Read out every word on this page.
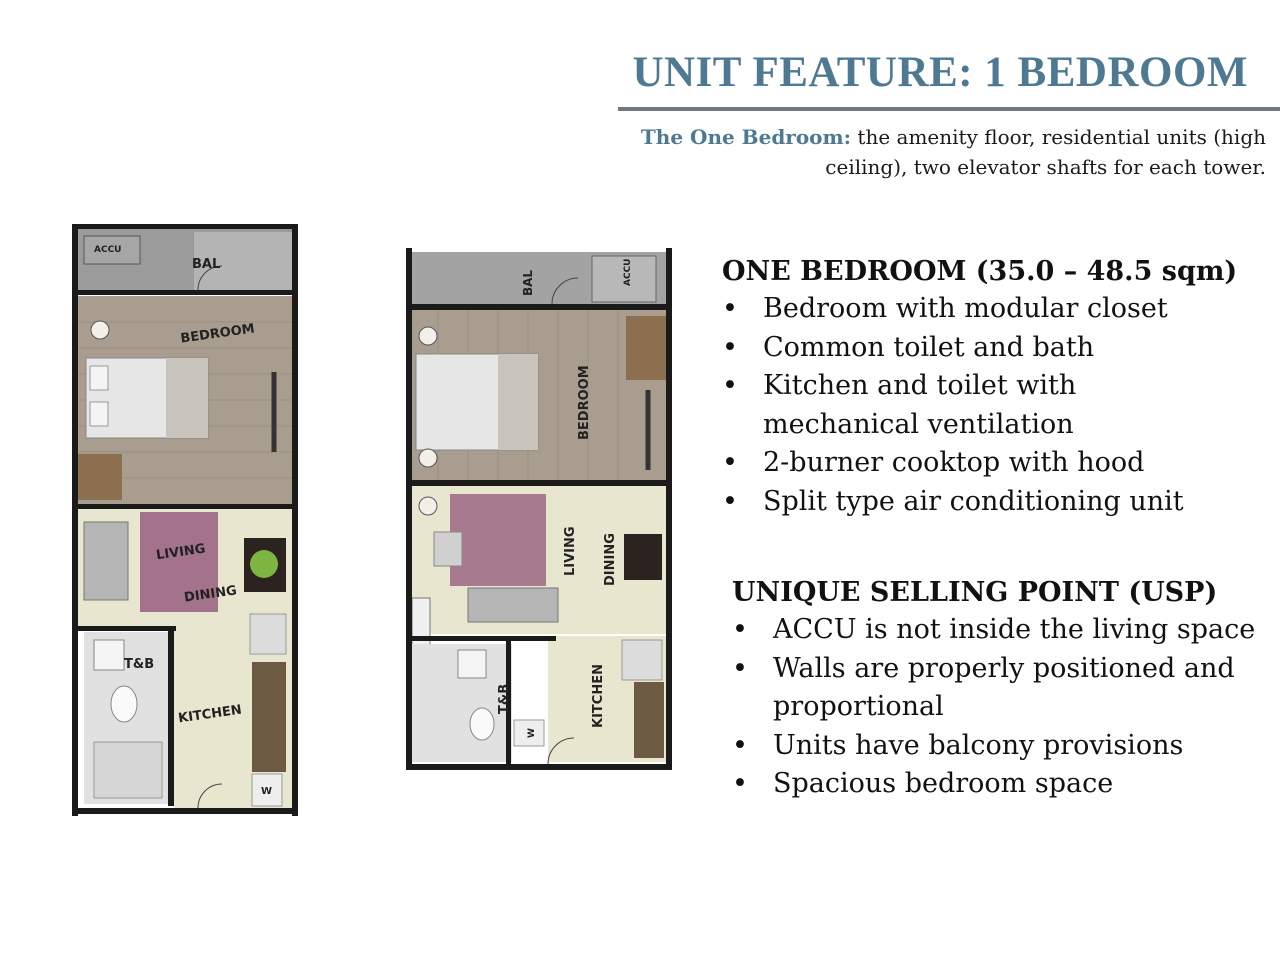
UNIT FEATURE: 1 BEDROOM
The One Bedroom: the amenity floor, residential units (high ceiling), two elevator shafts for each tower.
ACCU
BAL
BEDROOM
LIVING
DINING
T&B
KITCHEN
W
BAL	ACCU
BEDROOM
LIVING DINING
T&B	KITCHEN
W
ONE BEDROOM (35.0 – 48.5 sqm)
• Bedroom with modular closet
• Common toilet and bath
• Kitchen and toilet with mechanical ventilation
• 2-burner cooktop with hood
• Split type air conditioning unit
UNIQUE SELLING POINT (USP)
• ACCU is not inside the living space
• Walls are properly positioned and proportional
• Units have balcony provisions
• Spacious bedroom space
